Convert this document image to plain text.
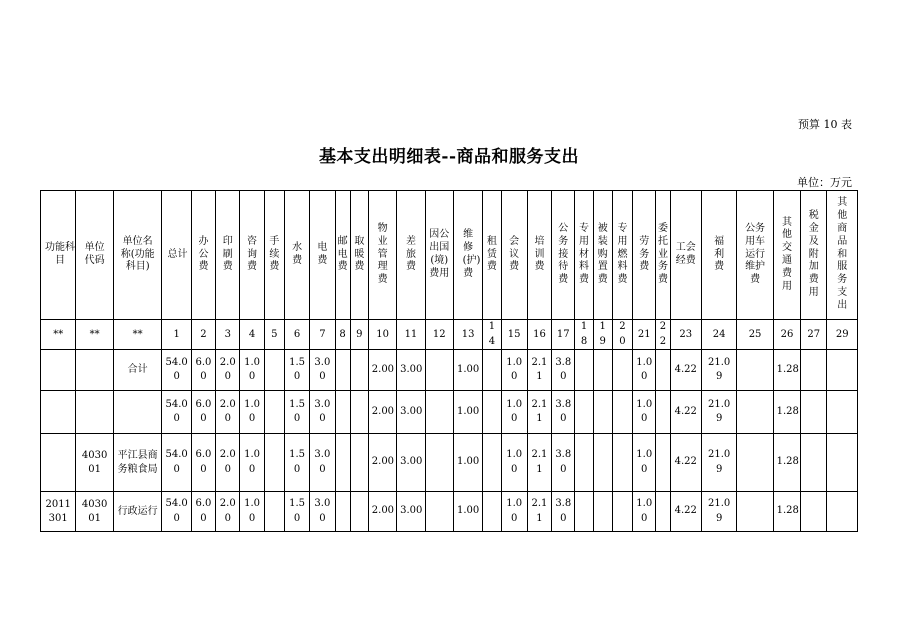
预算 10 表
基本支出明细表--商品和服务支出
单位：万元
功能科目	单位代码	单位名称(功能科目)	总计	办公费	印刷费	咨询费	手续费	水费	电费	邮电费	取暖费	物业管理费	差旅费	因公出国(境)费用	维修(护)费	租赁费	会议费	培训费	公务接待费	专用材料费	被装购置费	专用燃料费	劳务费	委托业务费	工会经费	福利费	公务用车运行维护费	其他交通费用	税金及附加费用	其他商品和服务支出
**	**	**	1	2	3	4	5	6	7	8	9	10	11	12	13	14	15	16	17	18	19	20	21	22	23	24	25	26	27	29
		合计	54.00	6.00	2.00	1.00		1.50	3.00			2.00	3.00		1.00		1.00	2.11	3.80				1.00		4.22	21.09		1.28		
			54.00	6.00	2.00	1.00		1.50	3.00			2.00	3.00		1.00		1.00	2.11	3.80				1.00		4.22	21.09		1.28		
	403001	平江县商务粮食局	54.00	6.00	2.00	1.00		1.50	3.00			2.00	3.00		1.00		1.00	2.11	3.80				1.00		4.22	21.09		1.28		
2011301	403001	行政运行	54.00	6.00	2.00	1.00		1.50	3.00			2.00	3.00		1.00		1.00	2.11	3.80				1.00		4.22	21.09		1.28		
